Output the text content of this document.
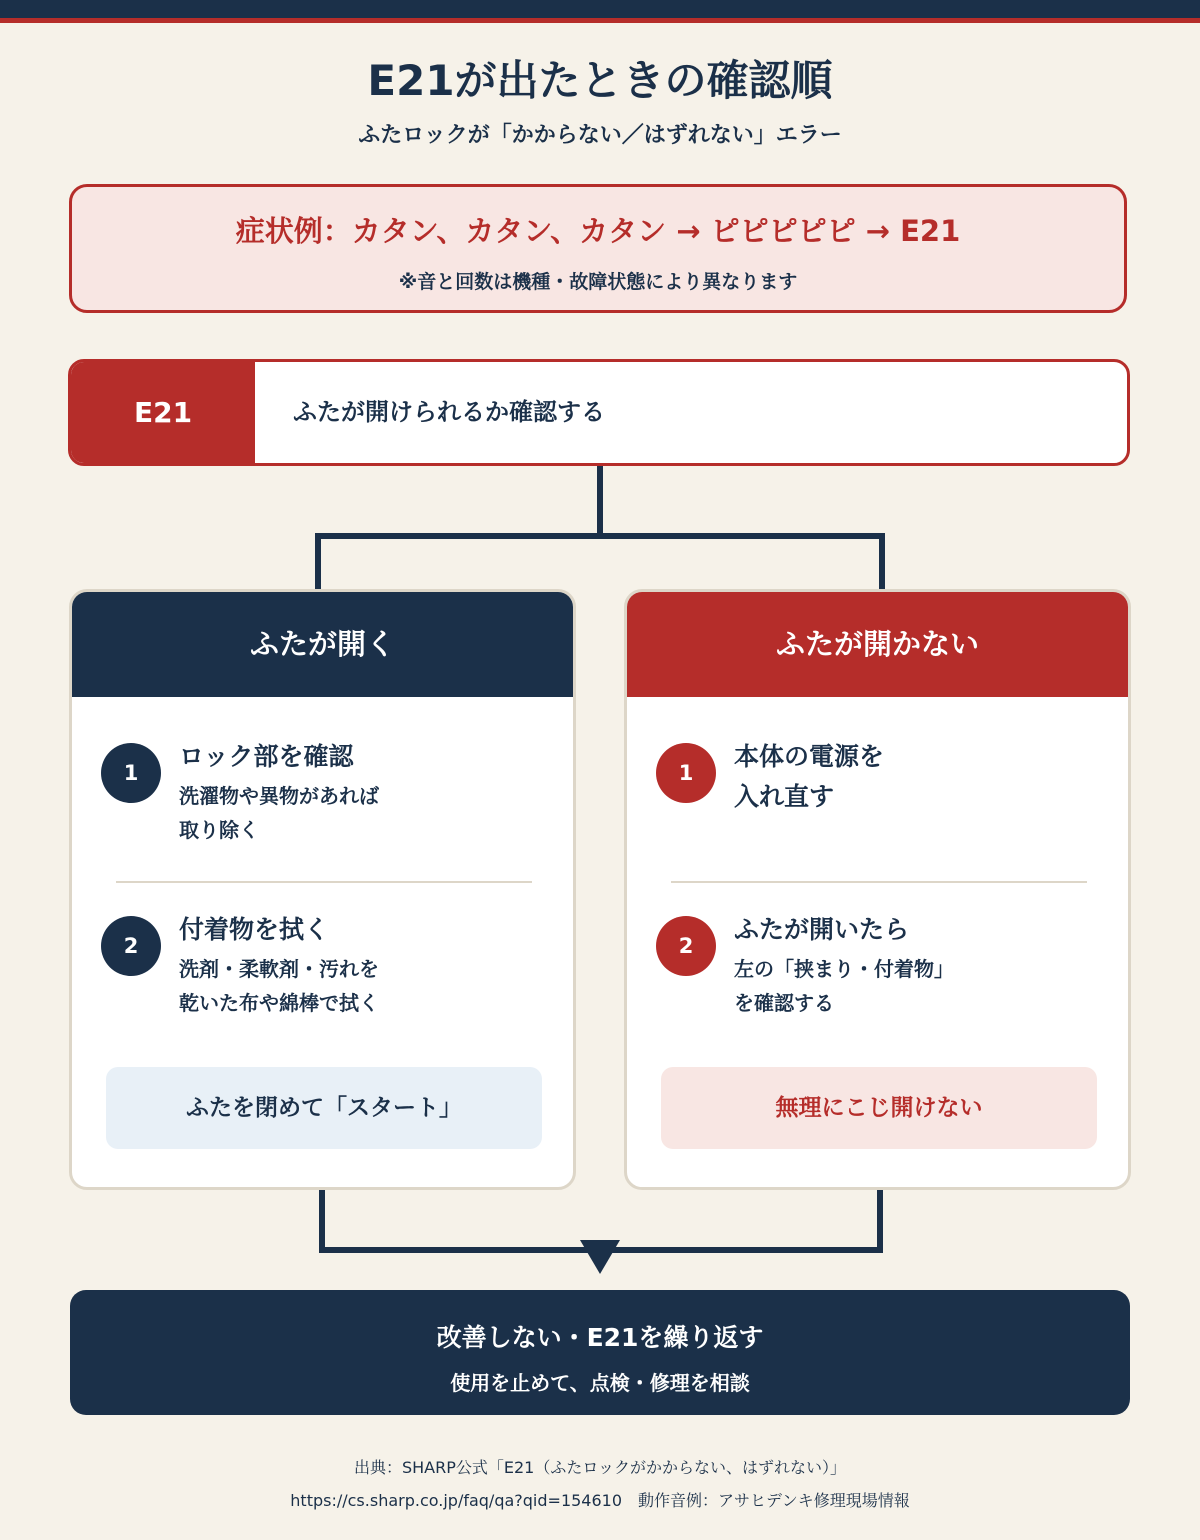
E21が出たときの確認順
ふたロックが「かからない／はずれない」エラー
症状例：カタン、カタン、カタン → ピピピピピ → E21
※音と回数は機種・故障状態により異なります
E21	ふたが開けられるか確認する
ふたが開く
1
ロック部を確認
洗濯物や異物があれば
取り除く
2
付着物を拭く
洗剤・柔軟剤・汚れを
乾いた布や綿棒で拭く
ふたを閉めて「スタート」
ふたが開かない
1
本体の電源を
入れ直す
2
ふたが開いたら
左の「挟まり・付着物」
を確認する
無理にこじ開けない
改善しない・E21を繰り返す
使用を止めて、点検・修理を相談
出典：SHARP公式「E21（ふたロックがかからない、はずれない）」
https://cs.sharp.co.jp/faq/qa?qid=154610　動作音例：アサヒデンキ修理現場情報
